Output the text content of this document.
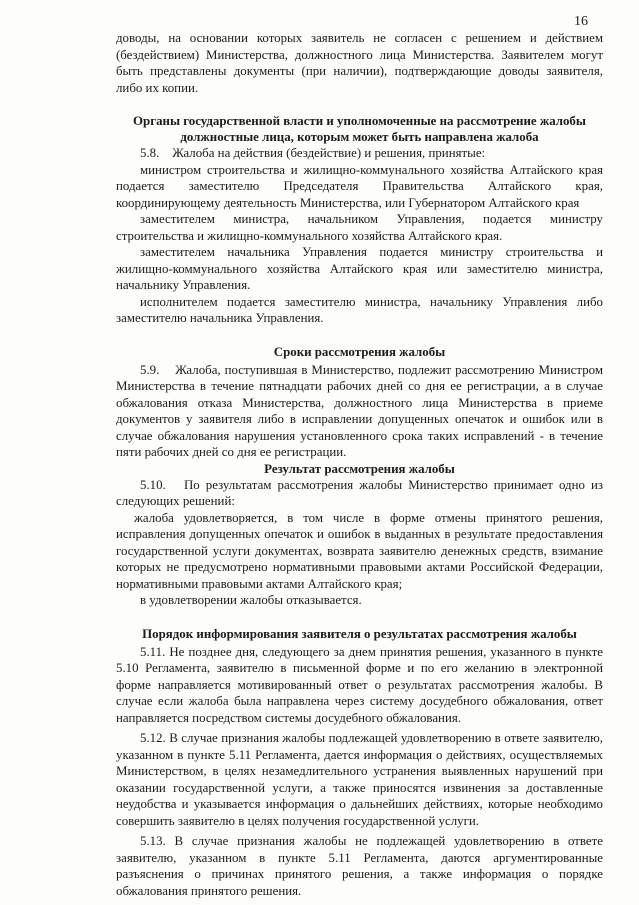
16

доводы, на основании которых заявитель не согласен с решением и действием (бездействием) Министерства, должностного лица Министерства. Заявителем могут быть представлены документы (при наличии), подтверждающие доводы заявителя, либо их копии.

Органы государственной власти и уполномоченные на рассмотрение жалобы
должностные лица, которым может быть направлена жалоба

5.8.    Жалоба на действия (бездействие) и решения, принятые:

министром строительства и жилищно-коммунального хозяйства Алтайского края подается заместителю Председателя Правительства Алтайского края, координирующему деятельность Министерства, или Губернатором Алтайского края

заместителем министра, начальником Управления, подается министру строительства и жилищно-коммунального хозяйства Алтайского края.

заместителем начальника Управления подается министру строительства и жилищно-коммунального хозяйства Алтайского края или заместителю министра, начальнику Управления.

исполнителем подается заместителю министра, начальнику Управления либо заместителю начальника Управления.

Сроки рассмотрения жалобы

5.9.    Жалоба, поступившая в Министерство, подлежит рассмотрению Министром Министерства в течение пятнадцати рабочих дней со дня ее регистрации, а в случае обжалования отказа Министерства, должностного лица Министерства в приеме документов у заявителя либо в исправлении допущенных опечаток и ошибок или в случае обжалования нарушения установленного срока таких исправлений - в течение пяти рабочих дней со дня ее регистрации.

Результат рассмотрения жалобы

5.10.   По результатам рассмотрения жалобы Министерство принимает одно из следующих решений:

жалоба удовлетворяется, в том числе в форме отмены принятого решения, исправления допущенных опечаток и ошибок в выданных в результате предоставления государственной услуги документах, возврата заявителю денежных средств, взимание которых не предусмотрено нормативными правовыми актами Российской Федерации, нормативными правовыми актами Алтайского края;

в удовлетворении жалобы отказывается.

Порядок информирования заявителя о результатах рассмотрения жалобы

5.11. Не позднее дня, следующего за днем принятия решения, указанного в пункте 5.10 Регламента, заявителю в письменной форме и по его желанию в электронной форме направляется мотивированный ответ о результатах рассмотрения жалобы. В случае если жалоба была направлена через систему досудебного обжалования, ответ направляется посредством системы досудебного обжалования.

5.12. В случае признания жалобы подлежащей удовлетворению в ответе заявителю, указанном в пункте 5.11 Регламента, дается информация о действиях, осуществляемых Министерством, в целях незамедлительного устранения выявленных нарушений при оказании государственной услуги, а также приносятся извинения за доставленные неудобства и указывается информация о дальнейших действиях, которые необходимо совершить заявителю в целях получения государственной услуги.

5.13. В случае признания жалобы не подлежащей удовлетворению в ответе заявителю, указанном в пункте 5.11 Регламента, даются аргументированные разъяснения о причинах принятого решения, а также информация о порядке обжалования принятого решения.
